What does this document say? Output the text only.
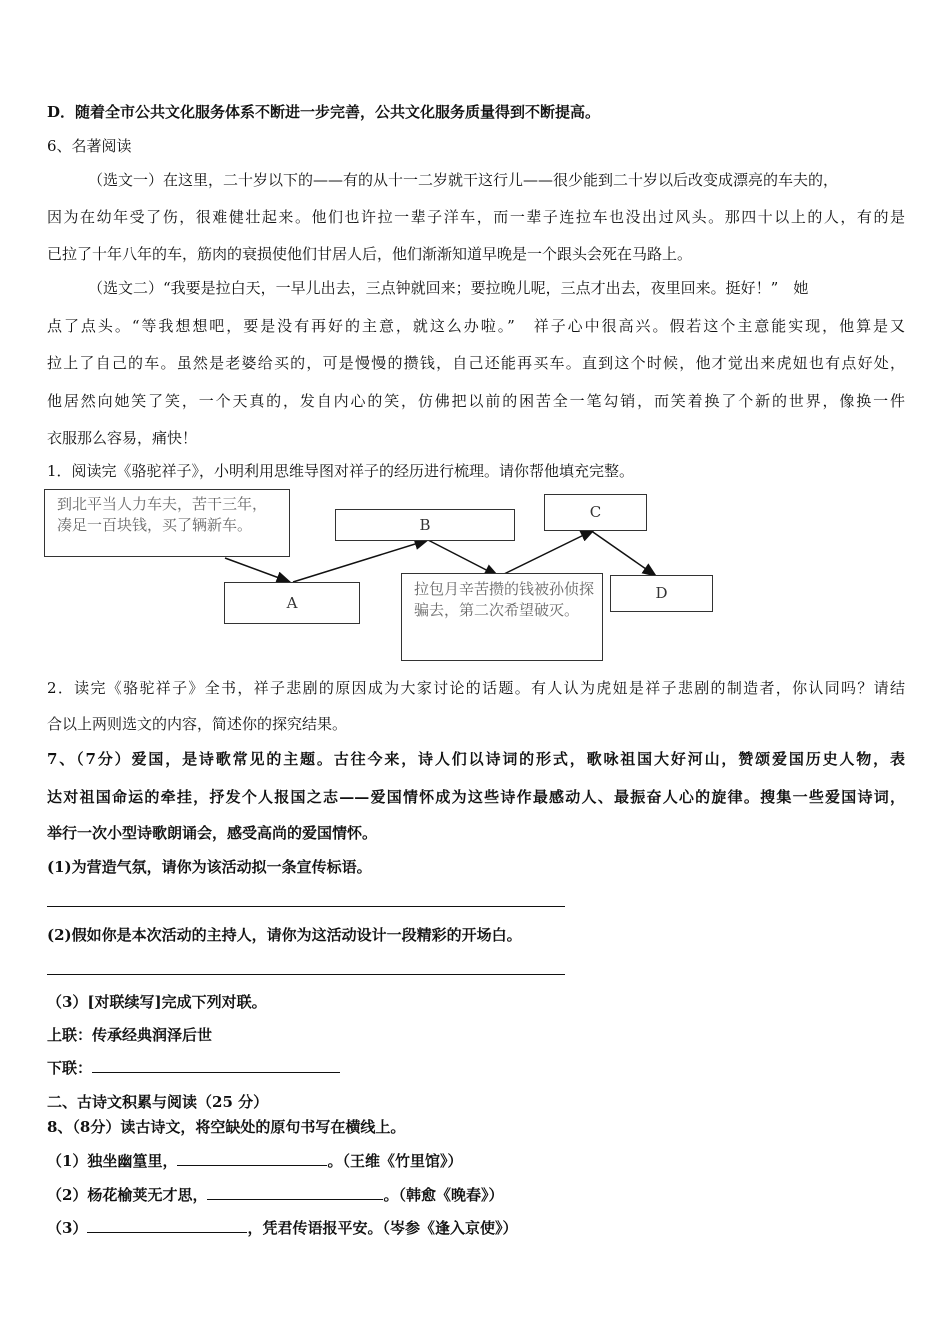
D．随着全市公共文化服务体系不断进一步完善，公共文化服务质量得到不断提高。
6、名著阅读
（选文一）在这里，二十岁以下的——有的从十一二岁就干这行儿——很少能到二十岁以后改变成漂亮的车夫的，
因为在幼年受了伤，很难健壮起来。他们也许拉一辈子洋车，而一辈子连拉车也没出过风头。那四十以上的人，有的是
已拉了十年八年的车，筋肉的衰损使他们甘居人后，他们渐渐知道早晚是一个跟头会死在马路上。
（选文二）“我要是拉白天，一早儿出去，三点钟就回来；要拉晚儿呢，三点才出去，夜里回来。挺好！”　她
点了点头。“等我想想吧，要是没有再好的主意，就这么办啦。”　祥子心中很高兴。假若这个主意能实现，他算是又
拉上了自己的车。虽然是老婆给买的，可是慢慢的攒钱，自己还能再买车。直到这个时候，他才觉出来虎妞也有点好处，
他居然向她笑了笑，一个天真的，发自内心的笑，仿佛把以前的困苦全一笔勾销，而笑着换了个新的世界，像换一件
衣服那么容易，痛快！
1．阅读完《骆驼祥子》，小明利用思维导图对祥子的经历进行梳理。请你帮他填充完整。
到北平当人力车夫，苦干三年，凑足一百块钱，买了辆新车。	B
C
A
拉包月辛苦攒的钱被孙侦探骗去，第二次希望破灭。
D
2．读完《骆驼祥子》全书，祥子悲剧的原因成为大家讨论的话题。有人认为虎妞是祥子悲剧的制造者，你认同吗？请结
合以上两则选文的内容，简述你的探究结果。
7、（7分）爱国，是诗歌常见的主题。古往今来，诗人们以诗词的形式，歌咏祖国大好河山，赞颂爱国历史人物，表
达对祖国命运的牵挂，抒发个人报国之志——爱国情怀成为这些诗作最感动人、最振奋人心的旋律。搜集一些爱国诗词，
举行一次小型诗歌朗诵会，感受高尚的爱国情怀。
(1)为营造气氛，请你为该活动拟一条宣传标语。
(2)假如你是本次活动的主持人，请你为这活动设计一段精彩的开场白。
（3）[对联续写]完成下列对联。
上联：传承经典润泽后世
下联：
二、古诗文积累与阅读（25 分）
8、（8分）读古诗文，将空缺处的原句书写在横线上。
（1）独坐幽篁里，	。（王维《竹里馆》）
（2）杨花榆荚无才思，	。（韩愈《晚春》）
（3）	，凭君传语报平安。（岑参《逢入京使》）
